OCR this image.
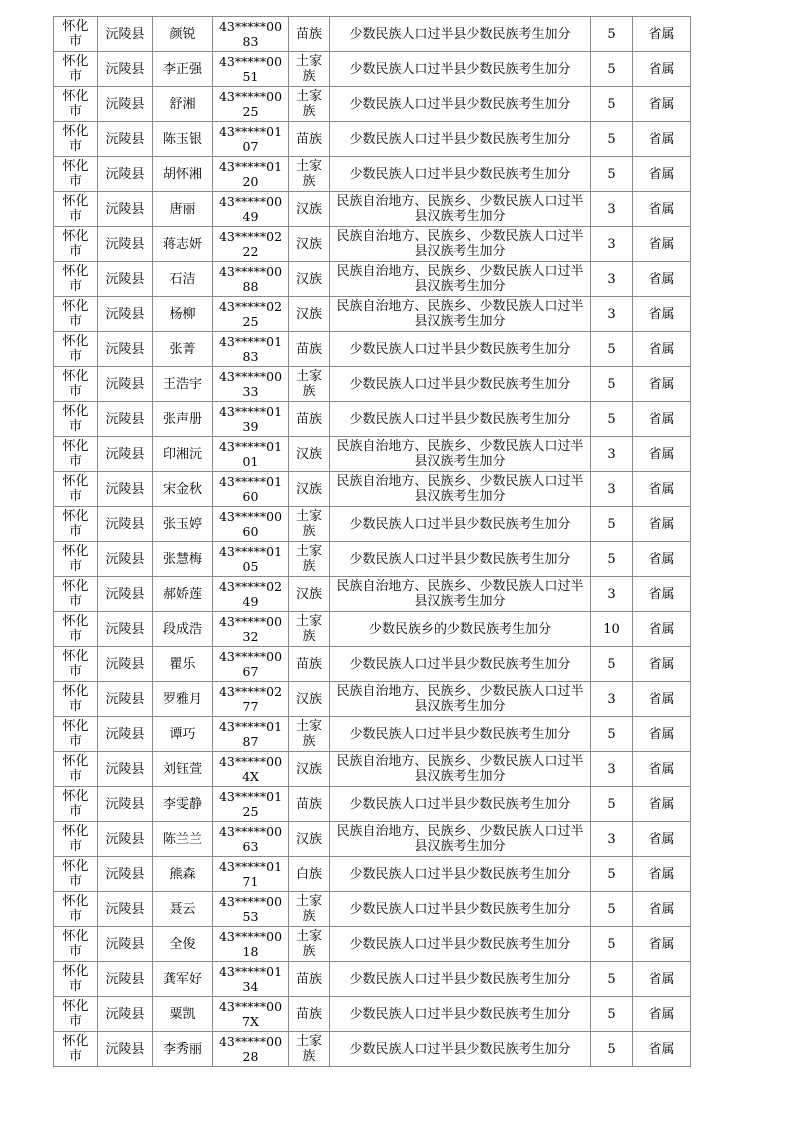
怀化市	沅陵县	颜锐	43*****0083	苗族	少数民族人口过半县少数民族考生加分	5	省属

怀化市	沅陵县	李正强	43*****0051	土家族	少数民族人口过半县少数民族考生加分	5	省属

怀化市	沅陵县	舒湘	43*****0025	土家族	少数民族人口过半县少数民族考生加分	5	省属

怀化市	沅陵县	陈玉银	43*****0107	苗族	少数民族人口过半县少数民族考生加分	5	省属

怀化市	沅陵县	胡怀湘	43*****0120	土家族	少数民族人口过半县少数民族考生加分	5	省属

怀化市	沅陵县	唐丽	43*****0049	汉族	民族自治地方、民族乡、少数民族人口过半县汉族考生加分	3	省属

怀化市	沅陵县	蒋志妍	43*****0222	汉族	民族自治地方、民族乡、少数民族人口过半县汉族考生加分	3	省属

怀化市	沅陵县	石洁	43*****0088	汉族	民族自治地方、民族乡、少数民族人口过半县汉族考生加分	3	省属

怀化市	沅陵县	杨柳	43*****0225	汉族	民族自治地方、民族乡、少数民族人口过半县汉族考生加分	3	省属

怀化市	沅陵县	张菁	43*****0183	苗族	少数民族人口过半县少数民族考生加分	5	省属

怀化市	沅陵县	王浩宇	43*****0033	土家族	少数民族人口过半县少数民族考生加分	5	省属

怀化市	沅陵县	张声册	43*****0139	苗族	少数民族人口过半县少数民族考生加分	5	省属

怀化市	沅陵县	印湘沅	43*****0101	汉族	民族自治地方、民族乡、少数民族人口过半县汉族考生加分	3	省属

怀化市	沅陵县	宋金秋	43*****0160	汉族	民族自治地方、民族乡、少数民族人口过半县汉族考生加分	3	省属

怀化市	沅陵县	张玉婷	43*****0060	土家族	少数民族人口过半县少数民族考生加分	5	省属

怀化市	沅陵县	张慧梅	43*****0105	土家族	少数民族人口过半县少数民族考生加分	5	省属

怀化市	沅陵县	郝娇莲	43*****0249	汉族	民族自治地方、民族乡、少数民族人口过半县汉族考生加分	3	省属

怀化市	沅陵县	段成浩	43*****0032	土家族	少数民族乡的少数民族考生加分	10	省属

怀化市	沅陵县	瞿乐	43*****0067	苗族	少数民族人口过半县少数民族考生加分	5	省属

怀化市	沅陵县	罗雅月	43*****0277	汉族	民族自治地方、民族乡、少数民族人口过半县汉族考生加分	3	省属

怀化市	沅陵县	谭巧	43*****0187	土家族	少数民族人口过半县少数民族考生加分	5	省属

怀化市	沅陵县	刘钰萱	43*****004X	汉族	民族自治地方、民族乡、少数民族人口过半县汉族考生加分	3	省属

怀化市	沅陵县	李雯静	43*****0125	苗族	少数民族人口过半县少数民族考生加分	5	省属

怀化市	沅陵县	陈兰兰	43*****0063	汉族	民族自治地方、民族乡、少数民族人口过半县汉族考生加分	3	省属

怀化市	沅陵县	熊森	43*****0171	白族	少数民族人口过半县少数民族考生加分	5	省属

怀化市	沅陵县	聂云	43*****0053	土家族	少数民族人口过半县少数民族考生加分	5	省属

怀化市	沅陵县	全俊	43*****0018	土家族	少数民族人口过半县少数民族考生加分	5	省属

怀化市	沅陵县	龚军好	43*****0134	苗族	少数民族人口过半县少数民族考生加分	5	省属

怀化市	沅陵县	粟凯	43*****007X	苗族	少数民族人口过半县少数民族考生加分	5	省属

怀化市	沅陵县	李秀丽	43*****0028	土家族	少数民族人口过半县少数民族考生加分	5	省属
